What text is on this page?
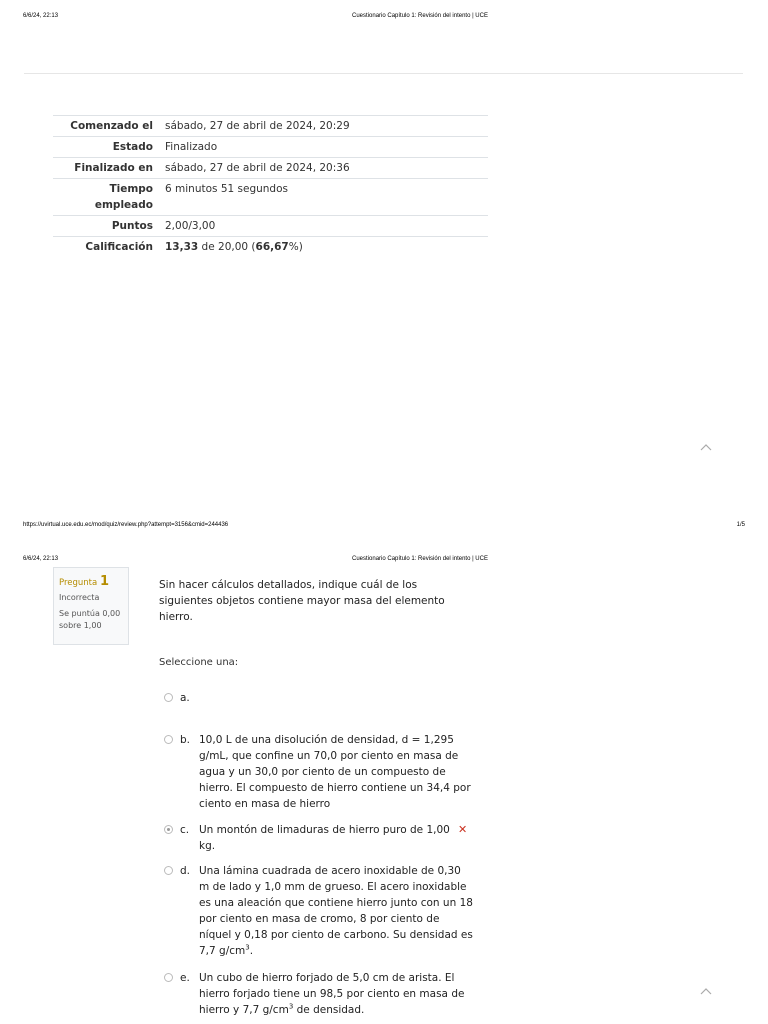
6/6/24, 22:13	Cuestionario Capítulo 1: Revisión del intento | UCE
Comenzado el	sábado, 27 de abril de 2024, 20:29
Estado	Finalizado
Finalizado en	sábado, 27 de abril de 2024, 20:36
Tiempo empleado	6 minutos 51 segundos
Puntos	2,00/3,00
Calificación	13,33 de 20,00 (66,67%)
https://uvirtual.uce.edu.ec/mod/quiz/review.php?attempt=3156&cmid=244436	1/5
6/6/24, 22:13	Cuestionario Capítulo 1: Revisión del intento | UCE
Pregunta 1
Incorrecta
Se puntúa 0,00 sobre 1,00
Sin hacer cálculos detallados, indique cuál de los siguientes objetos contiene mayor masa del elemento hierro.
Seleccione una:
a.
b. 10,0 L de una disolución de densidad, d = 1,295 g/mL, que confine un 70,0 por ciento en masa de agua y un 30,0 por ciento de un compuesto de hierro. El compuesto de hierro contiene un 34,4 por ciento en masa de hierro
c. Un montón de limaduras de hierro puro de 1,00 kg.
✕
d. Una lámina cuadrada de acero inoxidable de 0,30 m de lado y 1,0 mm de grueso. El acero inoxidable es una aleación que contiene hierro junto con un 18 por ciento en masa de cromo, 8 por ciento de níquel y 0,18 por ciento de carbono. Su densidad es 7,7 $g/cm^3$.
e. Un cubo de hierro forjado de 5,0 cm de arista. El hierro forjado tiene un 98,5 por ciento en masa de hierro y 7,7 $g/cm^3$ de densidad.
